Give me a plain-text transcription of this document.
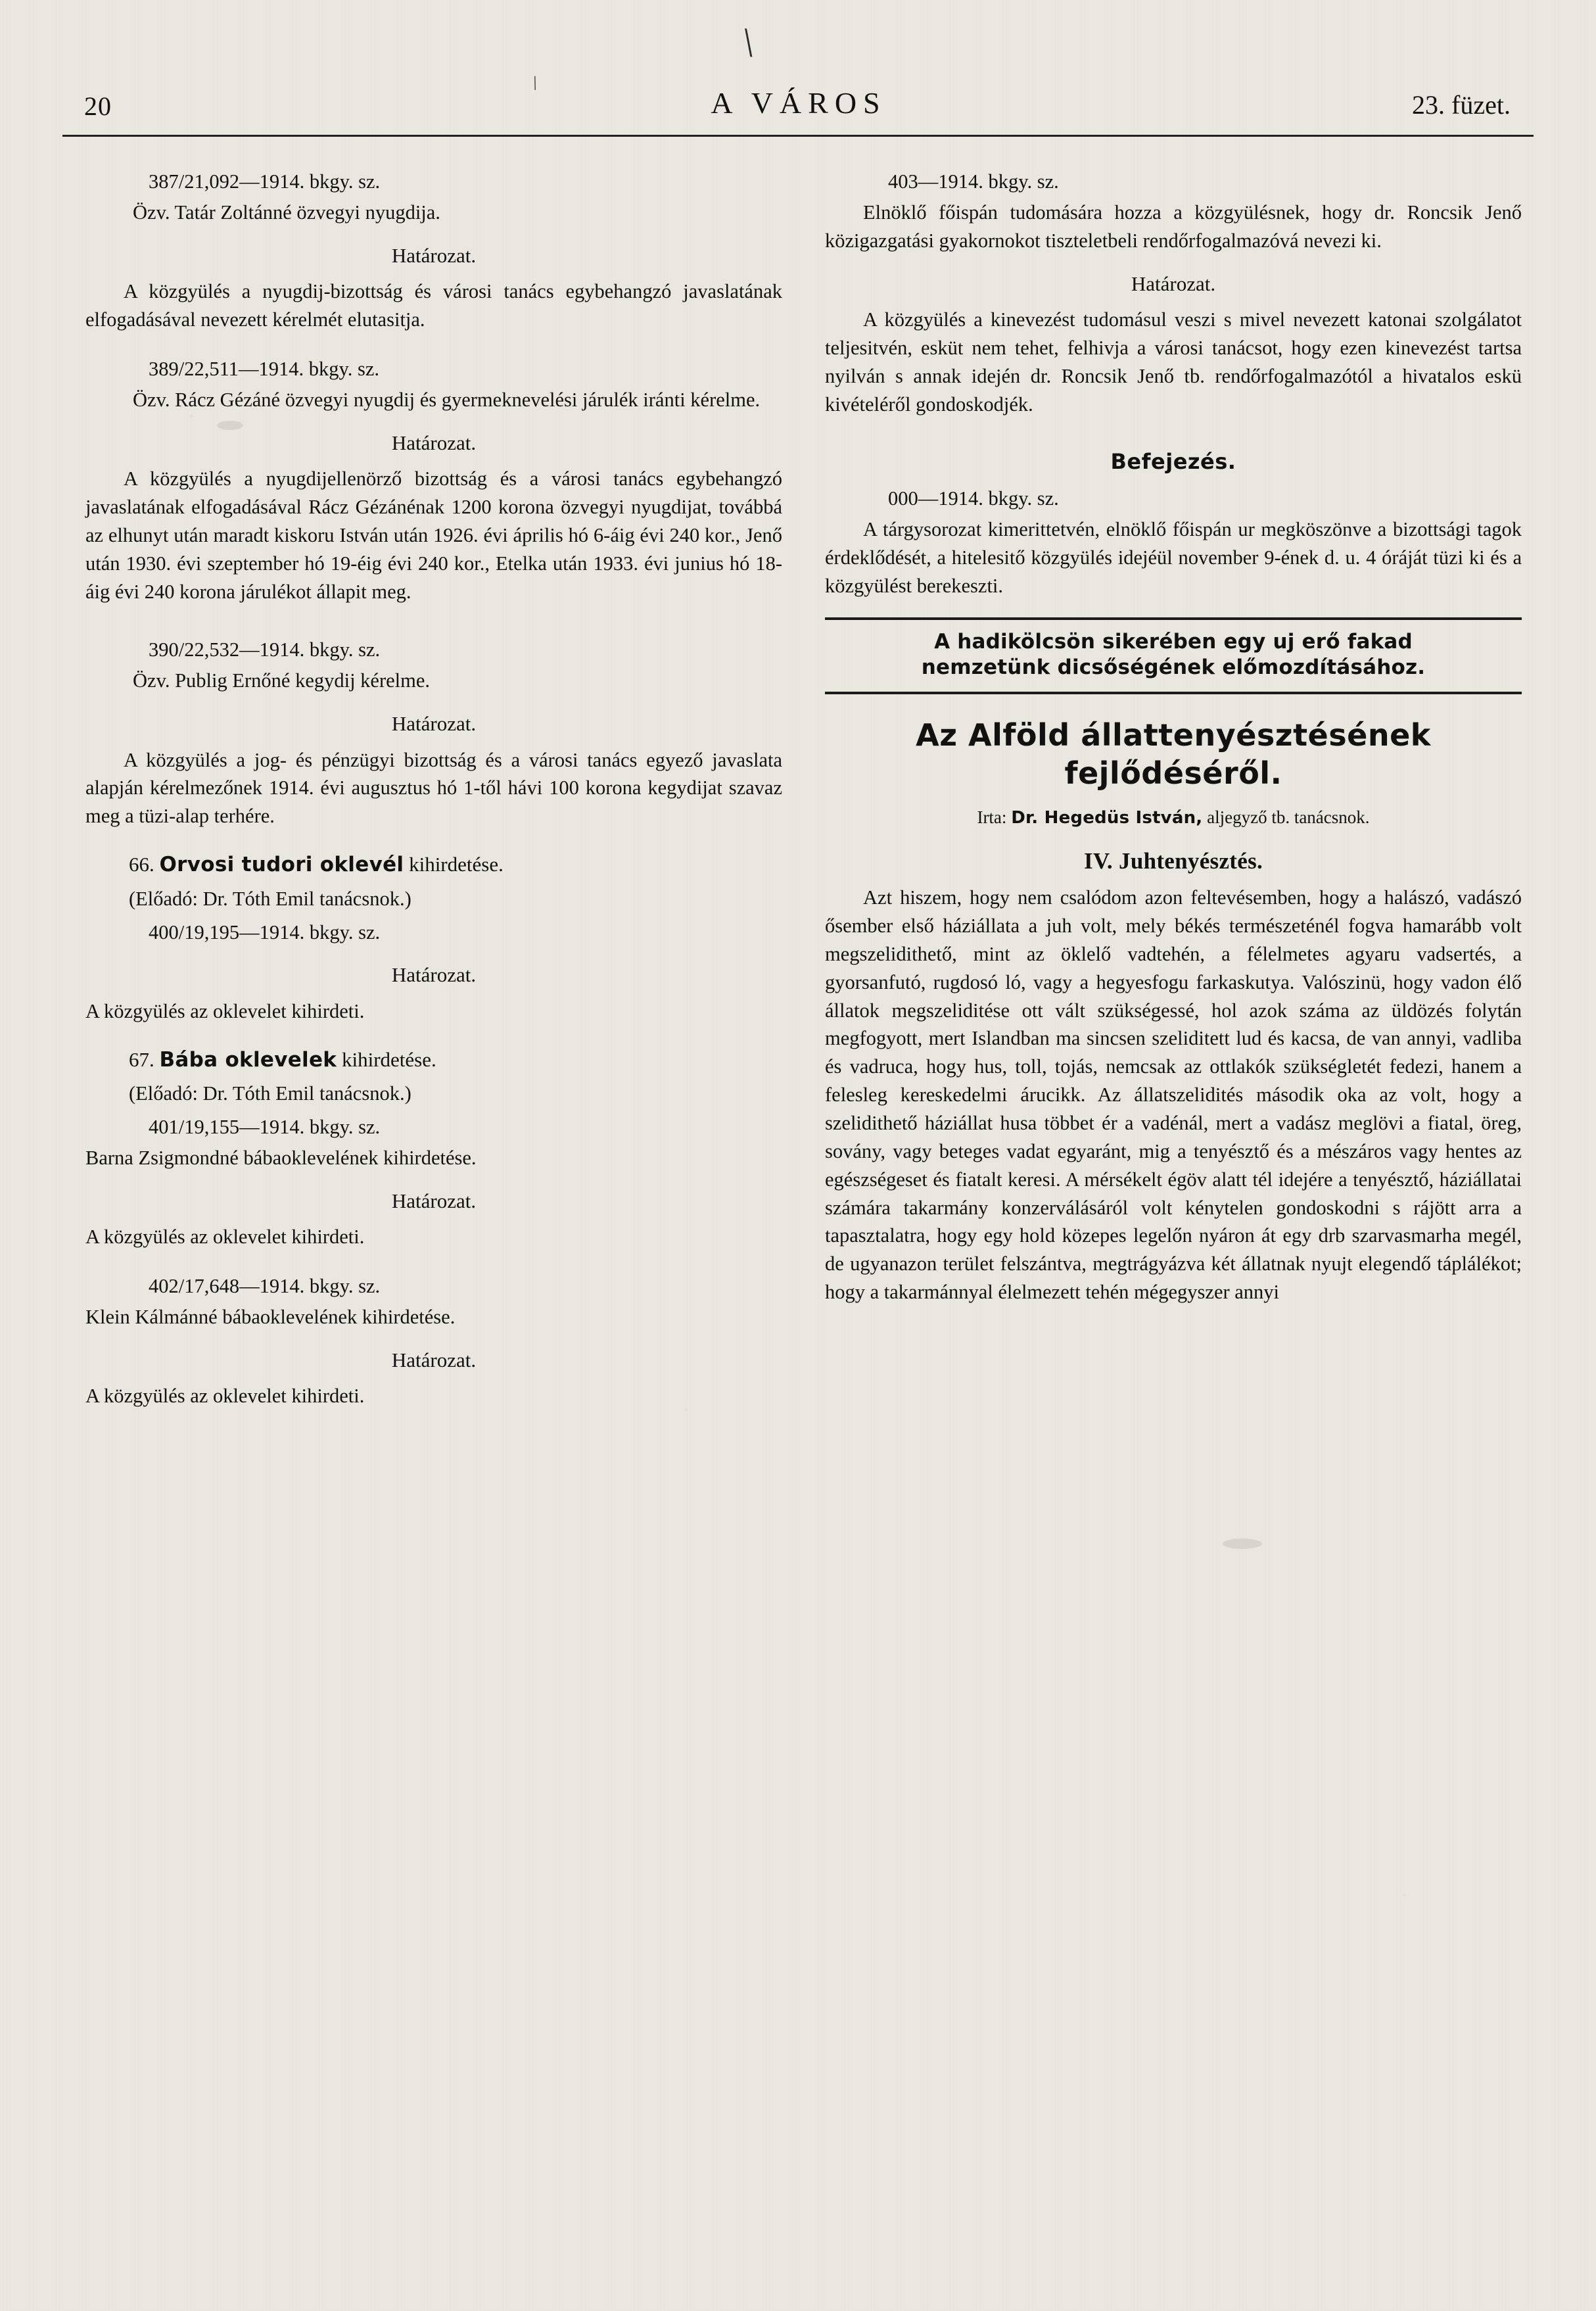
\
/
20	A VÁROS	23. füzet.

387/21,092—1914. bkgy. sz.

Özv. Tatár Zoltánné özvegyi nyugdija.

Határozat.

A közgyülés a nyugdij-bizottság és városi tanács egybehangzó javaslatának elfogadásával nevezett kérelmét elutasitja.

389/22,511—1914. bkgy. sz.

Özv. Rácz Gézáné özvegyi nyugdij és gyermeknevelési járulék iránti kérelme.

Határozat.

A közgyülés a nyugdijellenörző bizottság és a városi tanács egybehangzó javaslatának elfogadásával Rácz Gézánénak 1200 korona özvegyi nyugdijat, továbbá az elhunyt után maradt kiskoru István után 1926. évi április hó 6-áig évi 240 kor., Jenő után 1930. évi szeptember hó 19-éig évi 240 kor., Etelka után 1933. évi junius hó 18-áig évi 240 korona járulékot állapit meg.

390/22,532—1914. bkgy. sz.

Özv. Publig Ernőné kegydij kérelme.

Határozat.

A közgyülés a jog- és pénzügyi bizottság és a városi tanács egyező javaslata alapján kérelmezőnek 1914. évi augusztus hó 1-től hávi 100 korona kegydijat szavaz meg a tüzi-alap terhére.

66. Orvosi tudori oklevél kihirdetése.

(Előadó: Dr. Tóth Emil tanácsnok.)

400/19,195—1914. bkgy. sz.

Határozat.

A közgyülés az oklevelet kihirdeti.

67. Bába oklevelek kihirdetése.

(Előadó: Dr. Tóth Emil tanácsnok.)

401/19,155—1914. bkgy. sz.

Barna Zsigmondné bábaoklevelének kihirdetése.

Határozat.

A közgyülés az oklevelet kihirdeti.

402/17,648—1914. bkgy. sz.

Klein Kálmánné bábaoklevelének kihirdetése.

Határozat.

A közgyülés az oklevelet kihirdeti.

403—1914. bkgy. sz.

Elnöklő főispán tudomására hozza a közgyülésnek, hogy dr. Roncsik Jenő közigazgatási gyakornokot tiszteletbeli rendőrfogalmazóvá nevezi ki.

Határozat.

A közgyülés a kinevezést tudomásul veszi s mivel nevezett katonai szolgálatot teljesitvén, esküt nem tehet, felhivja a városi tanácsot, hogy ezen kinevezést tartsa nyilván s annak idején dr. Roncsik Jenő tb. rendőrfogalmazótól a hivatalos eskü kivételéről gondoskodjék.

Befejezés.

000—1914. bkgy. sz.

A tárgysorozat kimerittetvén, elnöklő főispán ur megköszönve a bizottsági tagok érdeklődését, a hitelesitő közgyülés idejéül november 9-ének d. u. 4 óráját tüzi ki és a közgyülést berekeszti.

A hadikölcsön sikerében egy uj erő fakad
nemzetünk dicsőségének előmozdításához.
Az Alföld állattenyésztésének
fejlődéséről.

Irta: Dr. Hegedüs István, aljegyző tb. tanácsnok.

IV. Juhtenyésztés.

Azt hiszem, hogy nem csalódom azon feltevésemben, hogy a halászó, vadászó ősember első háziállata a juh volt, mely békés természeténél fogva hamarább volt megszelidithető, mint az öklelő vadtehén, a félelmetes agyaru vadsertés, a gyorsanfutó, rugdosó ló, vagy a hegyesfogu farkaskutya. Valószinü, hogy vadon élő állatok megszeliditése ott vált szükségessé, hol azok száma az üldözés folytán megfogyott, mert Islandban ma sincsen szeliditett lud és kacsa, de van annyi, vadliba és vadruca, hogy hus, toll, tojás, nemcsak az ottlakók szükségletét fedezi, hanem a felesleg kereskedelmi árucikk. Az állatszelidités második oka az volt, hogy a szelidithető háziállat husa többet ér a vadénál, mert a vadász meglövi a fiatal, öreg, sovány, vagy beteges vadat egyaránt, mig a tenyésztő és a mészáros vagy hentes az egészségeset és fiatalt keresi. A mérsékelt égöv alatt tél idejére a tenyésztő, háziállatai számára takarmány konzerválásáról volt kénytelen gondoskodni s rájött arra a tapasztalatra, hogy egy hold közepes legelőn nyáron át egy drb szarvasmarha megél, de ugyanazon terület felszántva, megtrágyázva két állatnak nyujt elegendő táplálékot; hogy a takarmánnyal élelmezett tehén mégegyszer annyi
